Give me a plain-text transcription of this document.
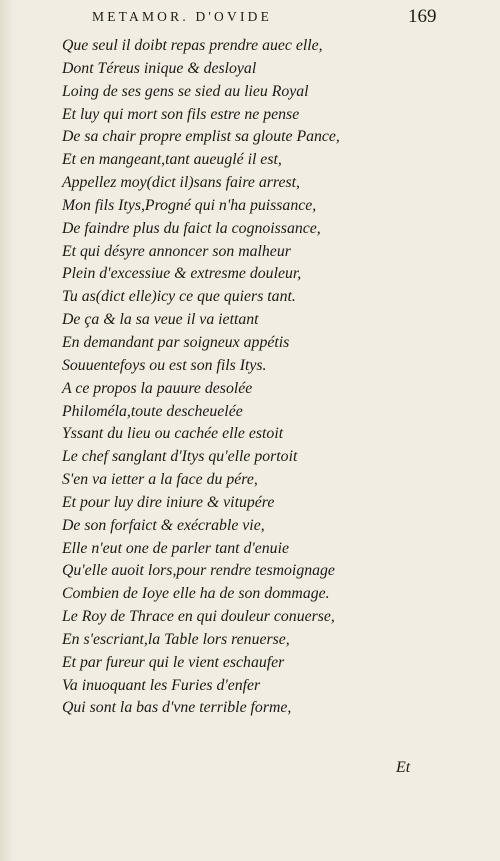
METAMOR. D'OVIDE	169
Que seul il doibt repas prendre auec elle,
Dont Téreus inique & desloyal
Loing de ses gens se sied au lieu Royal
Et luy qui mort son fils estre ne pense
De sa chair propre emplist sa gloute Pance,
Et en mangeant,tant aueuglé il est,
Appellez moy(dict il)sans faire arrest,
Mon fils Itys,Progné qui n'ha puissance,
De faindre plus du faict la cognoissance,
Et qui désyre annoncer son malheur
Plein d'excessiue & extresme douleur,
Tu as(dict elle)icy ce que quiers tant.
De ça & la sa veue il va iettant
En demandant par soigneux appétis
Souuentefoys ou est son fils Itys.
A ce propos la pauure desolée
Philoméla,toute descheuelée
Yssant du lieu ou cachée elle estoit
Le chef sanglant d'Itys qu'elle portoit
S'en va ietter a la face du pére,
Et pour luy dire iniure & vitupére
De son forfaict & exécrable vie,
Elle n'eut one de parler tant d'enuie
Qu'elle auoit lors,pour rendre tesmoignage
Combien de Ioye elle ha de son dommage.
Le Roy de Thrace en qui douleur conuerse,
En s'escriant,la Table lors renuerse,
Et par fureur qui le vient eschaufer
Va inuoquant les Furies d'enfer
Qui sont la bas d'vne terrible forme,
Et
